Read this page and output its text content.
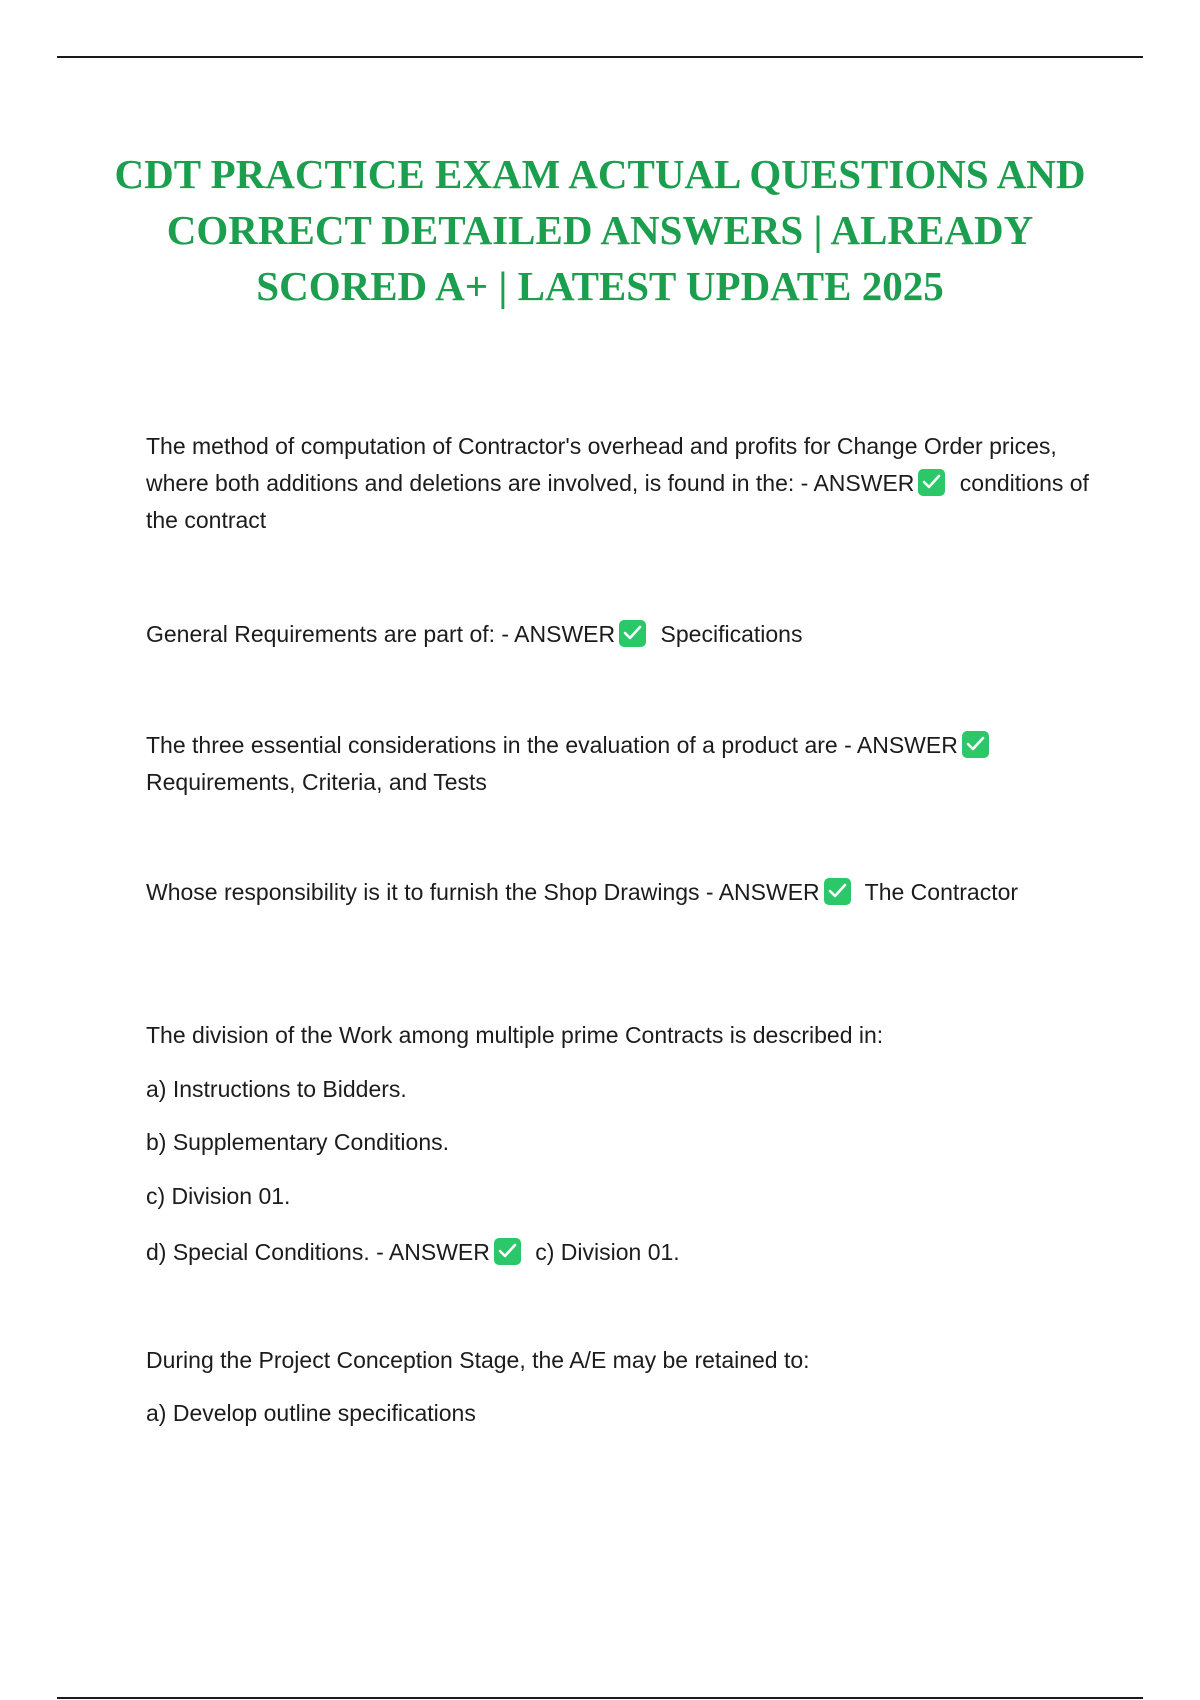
CDT PRACTICE EXAM ACTUAL QUESTIONS AND CORRECT DETAILED ANSWERS | ALREADY SCORED A+ | LATEST UPDATE 2025

The method of computation of Contractor's overhead and profits for Change Order prices, where both additions and deletions are involved, is found in the: - ANSWER conditions of the contract

General Requirements are part of: - ANSWER Specifications

The three essential considerations in the evaluation of a product are - ANSWER
Requirements, Criteria, and Tests

Whose responsibility is it to furnish the Shop Drawings - ANSWER The Contractor

The division of the Work among multiple prime Contracts is described in:

a) Instructions to Bidders.

b) Supplementary Conditions.

c) Division 01.

d) Special Conditions. - ANSWER c) Division 01.

During the Project Conception Stage, the A/E may be retained to:

a) Develop outline specifications
